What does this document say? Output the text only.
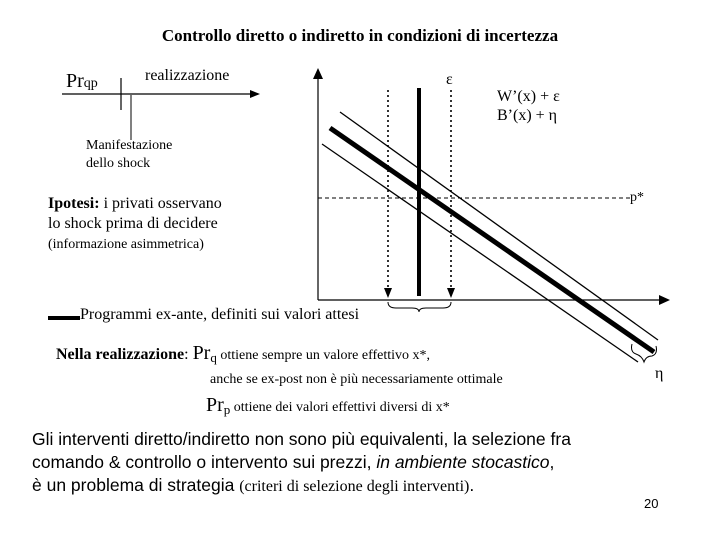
Controllo diretto o indiretto in condizioni di incertezza
Prqp	realizzazione
Manifestazione
dello shock
Ipotesi: i privati osservano
lo shock prima di decidere
(informazione asimmetrica)
ε
W’(x) + ε
B’(x) + η
p*
η
Programmi ex-ante, definiti sui valori attesi
Nella realizzazione: $Pr_q$ ottiene sempre un valore effettivo x*,
anche se ex-post non è più necessariamente ottimale
$Pr_p$ ottiene dei valori effettivi diversi di x*
Gli interventi diretto/indiretto non sono più equivalenti, la selezione fra
comando & controllo o intervento sui prezzi, in ambiente stocastico,
è un problema di strategia (criteri di selezione degli interventi).
20
